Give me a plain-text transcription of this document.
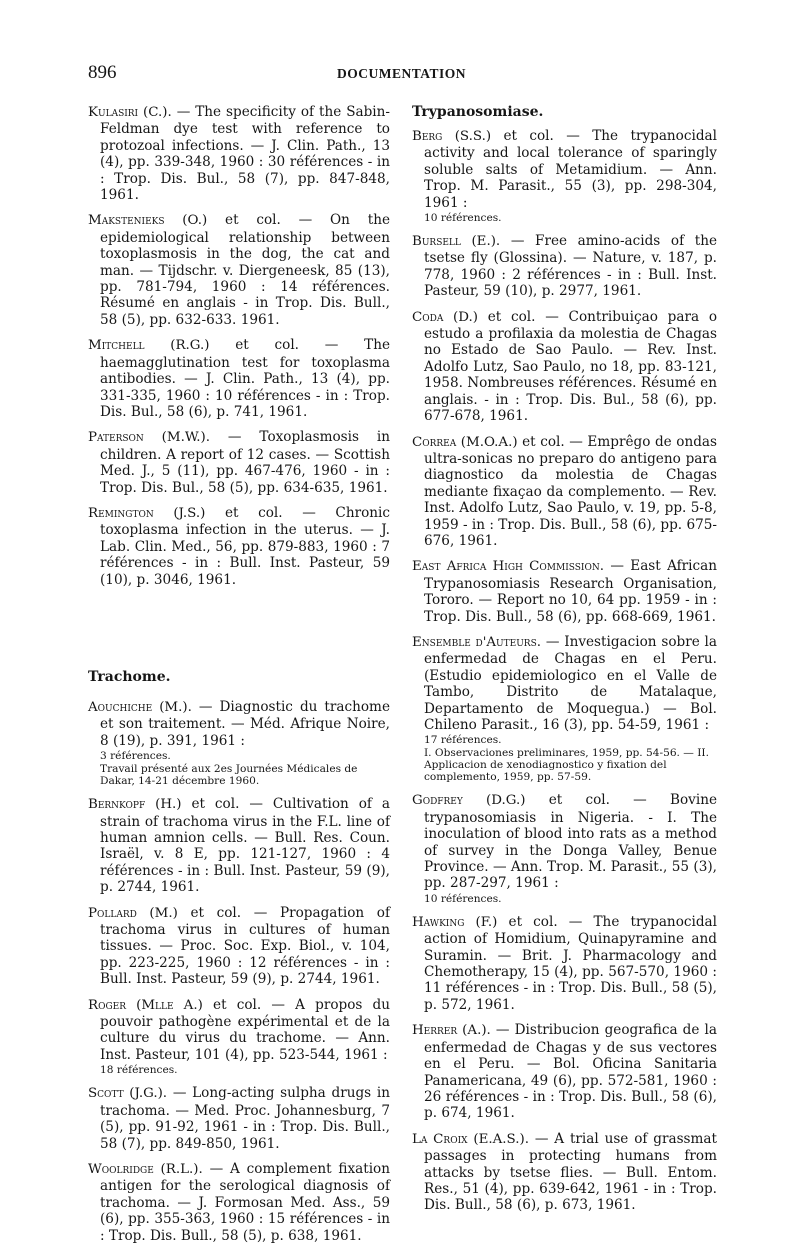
896	DOCUMENTATION

Kulasiri (C.). — The specificity of the Sabin-Feldman dye test with reference to protozoal infections. — J. Clin. Path., 13 (4), pp. 339-348, 1960 : 30 références - in : Trop. Dis. Bul., 58 (7), pp. 847-848, 1961.

Makstenieks (O.) et col. — On the epidemiological relationship between toxoplasmosis in the dog, the cat and man. — Tijdschr. v. Diergeneesk, 85 (13), pp. 781-794, 1960 : 14 références. Résumé en anglais - in Trop. Dis. Bull., 58 (5), pp. 632-633. 1961.

Mitchell (R.G.) et col. — The haemagglutination test for toxoplasma antibodies. — J. Clin. Path., 13 (4), pp. 331-335, 1960 : 10 références - in : Trop. Dis. Bul., 58 (6), p. 741, 1961.

Paterson (M.W.). — Toxoplasmosis in children. A report of 12 cases. — Scottish Med. J., 5 (11), pp. 467-476, 1960 - in : Trop. Dis. Bul., 58 (5), pp. 634-635, 1961.

Remington (J.S.) et col. — Chronic toxoplasma infection in the uterus. — J. Lab. Clin. Med., 56, pp. 879-883, 1960 : 7 références - in : Bull. Inst. Pasteur, 59 (10), p. 3046, 1961.

Trachome.

Aouchiche (M.). — Diagnostic du trachome et son traitement. — Méd. Afrique Noire, 8 (19), p. 391, 1961 :
3 références.
Travail présenté aux 2es Journées Médicales de Dakar, 14-21 décembre 1960.

Bernkopf (H.) et col. — Cultivation of a strain of trachoma virus in the F.L. line of human amnion cells. — Bull. Res. Coun. Israël, v. 8 E, pp. 121-127, 1960 : 4 références - in : Bull. Inst. Pasteur, 59 (9), p. 2744, 1961.

Pollard (M.) et col. — Propagation of trachoma virus in cultures of human tissues. — Proc. Soc. Exp. Biol., v. 104, pp. 223-225, 1960 : 12 références - in : Bull. Inst. Pasteur, 59 (9), p. 2744, 1961.

Roger (Mlle A.) et col. — A propos du pouvoir pathogène expérimental et de la culture du virus du trachome. — Ann. Inst. Pasteur, 101 (4), pp. 523-544, 1961 :
18 références.

Scott (J.G.). — Long-acting sulpha drugs in trachoma. — Med. Proc. Johannesburg, 7 (5), pp. 91-92, 1961 - in : Trop. Dis. Bull., 58 (7), pp. 849-850, 1961.

Woolridge (R.L.). — A complement fixation antigen for the serological diagnosis of trachoma. — J. Formosan Med. Ass., 59 (6), pp. 355-363, 1960 : 15 références - in : Trop. Dis. Bull., 58 (5), p. 638, 1961.

Trypanosomiase.

Berg (S.S.) et col. — The trypanocidal activity and local tolerance of sparingly soluble salts of Metamidium. — Ann. Trop. M. Parasit., 55 (3), pp. 298-304, 1961 :
10 références.

Bursell (E.). — Free amino-acids of the tsetse fly (Glossina). — Nature, v. 187, p. 778, 1960 : 2 références - in : Bull. Inst. Pasteur, 59 (10), p. 2977, 1961.

Coda (D.) et col. — Contribuiçao para o estudo a profilaxia da molestia de Chagas no Estado de Sao Paulo. — Rev. Inst. Adolfo Lutz, Sao Paulo, no 18, pp. 83-121, 1958. Nombreuses références. Résumé en anglais. - in : Trop. Dis. Bul., 58 (6), pp. 677-678, 1961.

Correa (M.O.A.) et col. — Emprêgo de ondas ultra-sonicas no preparo do antigeno para diagnostico da molestia de Chagas mediante fixaçao da complemento. — Rev. Inst. Adolfo Lutz, Sao Paulo, v. 19, pp. 5-8, 1959 - in : Trop. Dis. Bull., 58 (6), pp. 675-676, 1961.

East Africa High Commission. — East African Trypanosomiasis Research Organisation, Tororo. — Report no 10, 64 pp. 1959 - in : Trop. Dis. Bull., 58 (6), pp. 668-669, 1961.

Ensemble d'Auteurs. — Investigacion sobre la enfermedad de Chagas en el Peru. (Estudio epidemiologico en el Valle de Tambo, Distrito de Matalaque, Departamento de Moquegua.) — Bol. Chileno Parasit., 16 (3), pp. 54-59, 1961 :
17 références.
I. Observaciones preliminares, 1959, pp. 54-56. — II. Applicacion de xenodiagnostico y fixation del complemento, 1959, pp. 57-59.

Godfrey (D.G.) et col. — Bovine trypanosomiasis in Nigeria. - I. The inoculation of blood into rats as a method of survey in the Donga Valley, Benue Province. — Ann. Trop. M. Parasit., 55 (3), pp. 287-297, 1961 :
10 références.

Hawking (F.) et col. — The trypanocidal action of Homidium, Quinapyramine and Suramin. — Brit. J. Pharmacology and Chemotherapy, 15 (4), pp. 567-570, 1960 : 11 références - in : Trop. Dis. Bull., 58 (5), p. 572, 1961.

Herrer (A.). — Distribucion geografica de la enfermedad de Chagas y de sus vectores en el Peru. — Bol. Oficina Sanitaria Panamericana, 49 (6), pp. 572-581, 1960 : 26 références - in : Trop. Dis. Bull., 58 (6), p. 674, 1961.

La Croix (E.A.S.). — A trial use of grassmat passages in protecting humans from attacks by tsetse flies. — Bull. Entom. Res., 51 (4), pp. 639-642, 1961 - in : Trop. Dis. Bull., 58 (6), p. 673, 1961.
